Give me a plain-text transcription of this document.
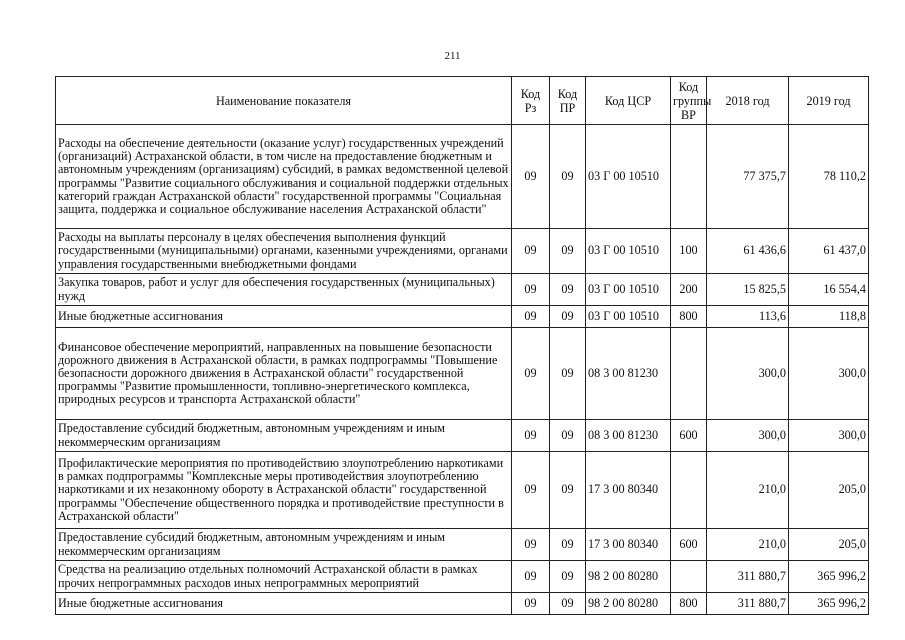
211
Наименование показателя	Код Рз	Код ПР	Код ЦСР	Код группы ВР	2018 год	2019 год
Расходы на обеспечение деятельности (оказание услуг) государственных учреждений (организаций) Астраханской области, в том числе на предоставление бюджетным и автономным учреждениям (организациям) субсидий, в рамках ведомственной целевой программы "Развитие социального обслуживания и социальной поддержки отдельных категорий граждан Астраханской области" государственной программы "Социальная защита, поддержка и социальное обслуживание населения Астраханской области"	09	09	03 Г 00 10510		77 375,7	78 110,2
Расходы на выплаты персоналу в целях обеспечения выполнения функций государственными (муниципальными) органами, казенными учреждениями, органами управления государственными внебюджетными фондами	09	09	03 Г 00 10510	100	61 436,6	61 437,0
Закупка товаров, работ и услуг для обеспечения государственных (муниципальных) нужд	09	09	03 Г 00 10510	200	15 825,5	16 554,4
Иные бюджетные ассигнования	09	09	03 Г 00 10510	800	113,6	118,8
Финансовое обеспечение мероприятий, направленных на повышение безопасности дорожного движения в Астраханской области, в рамках подпрограммы "Повышение безопасности дорожного движения в Астраханской области" государственной программы "Развитие промышленности, топливно-энергетического комплекса, природных ресурсов и транспорта Астраханской области"	09	09	08 3 00 81230		300,0	300,0
Предоставление субсидий бюджетным, автономным учреждениям и иным некоммерческим организациям	09	09	08 3 00 81230	600	300,0	300,0
Профилактические мероприятия по противодействию злоупотреблению наркотиками в рамках подпрограммы "Комплексные меры противодействия злоупотреблению наркотиками и их незаконному обороту в Астраханской области" государственной программы "Обеспечение общественного порядка и противодействие преступности в Астраханской области"	09	09	17 3 00 80340		210,0	205,0
Предоставление субсидий бюджетным, автономным учреждениям и иным некоммерческим организациям	09	09	17 3 00 80340	600	210,0	205,0
Средства на реализацию отдельных полномочий Астраханской области в рамках прочих непрограммных расходов иных непрограммных мероприятий	09	09	98 2 00 80280		311 880,7	365 996,2
Иные бюджетные ассигнования	09	09	98 2 00 80280	800	311 880,7	365 996,2
